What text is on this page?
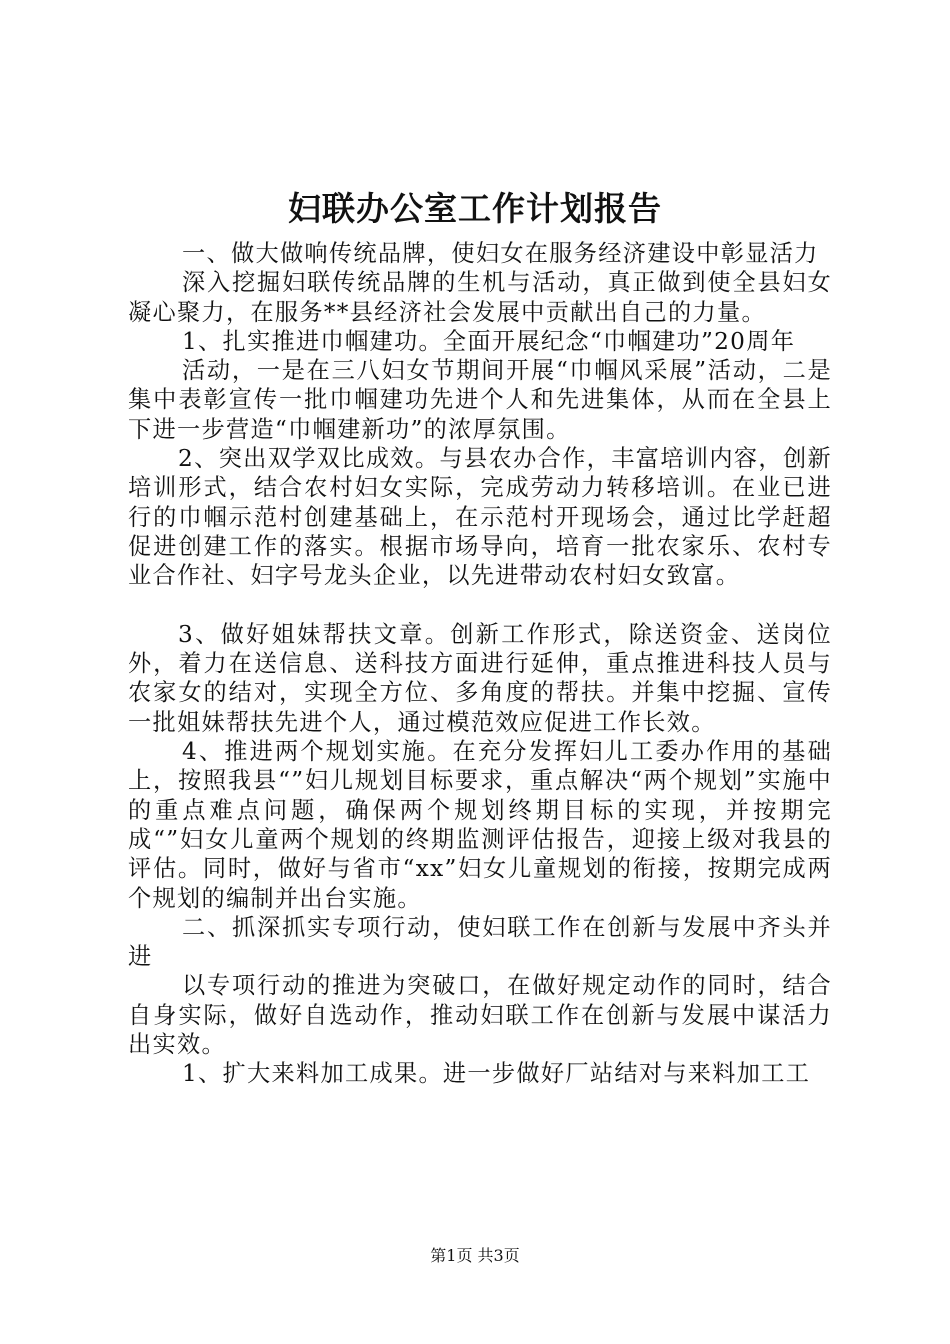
妇联办公室工作计划报告

一、做大做响传统品牌，使妇女在服务经济建设中彰显活力

深入挖掘妇联传统品牌的生机与活动，真正做到使全县妇女凝心聚力，在服务**县经济社会发展中贡献出自己的力量。

1、扎实推进巾帼建功。全面开展纪念“巾帼建功”20周年

活动，一是在三八妇女节期间开展“巾帼风采展”活动，二是集中表彰宣传一批巾帼建功先进个人和先进集体，从而在全县上下进一步营造“巾帼建新功”的浓厚氛围。

2、突出双学双比成效。与县农办合作，丰富培训内容，创新培训形式，结合农村妇女实际，完成劳动力转移培训。在业已进行的巾帼示范村创建基础上，在示范村开现场会，通过比学赶超促进创建工作的落实。根据市场导向，培育一批农家乐、农村专业合作社、妇字号龙头企业，以先进带动农村妇女致富。

3、做好姐妹帮扶文章。创新工作形式，除送资金、送岗位外，着力在送信息、送科技方面进行延伸，重点推进科技人员与农家女的结对，实现全方位、多角度的帮扶。并集中挖掘、宣传一批姐妹帮扶先进个人，通过模范效应促进工作长效。

4、推进两个规划实施。在充分发挥妇儿工委办作用的基础上，按照我县“”妇儿规划目标要求，重点解决“两个规划”实施中的重点难点问题，确保两个规划终期目标的实现，并按期完成“”妇女儿童两个规划的终期监测评估报告，迎接上级对我县的评估。同时，做好与省市“xx”妇女儿童规划的衔接，按期完成两个规划的编制并出台实施。

二、抓深抓实专项行动，使妇联工作在创新与发展中齐头并进

以专项行动的推进为突破口，在做好规定动作的同时，结合自身实际，做好自选动作，推动妇联工作在创新与发展中谋活力出实效。

1、扩大来料加工成果。进一步做好厂站结对与来料加工工

第1页 共3页
